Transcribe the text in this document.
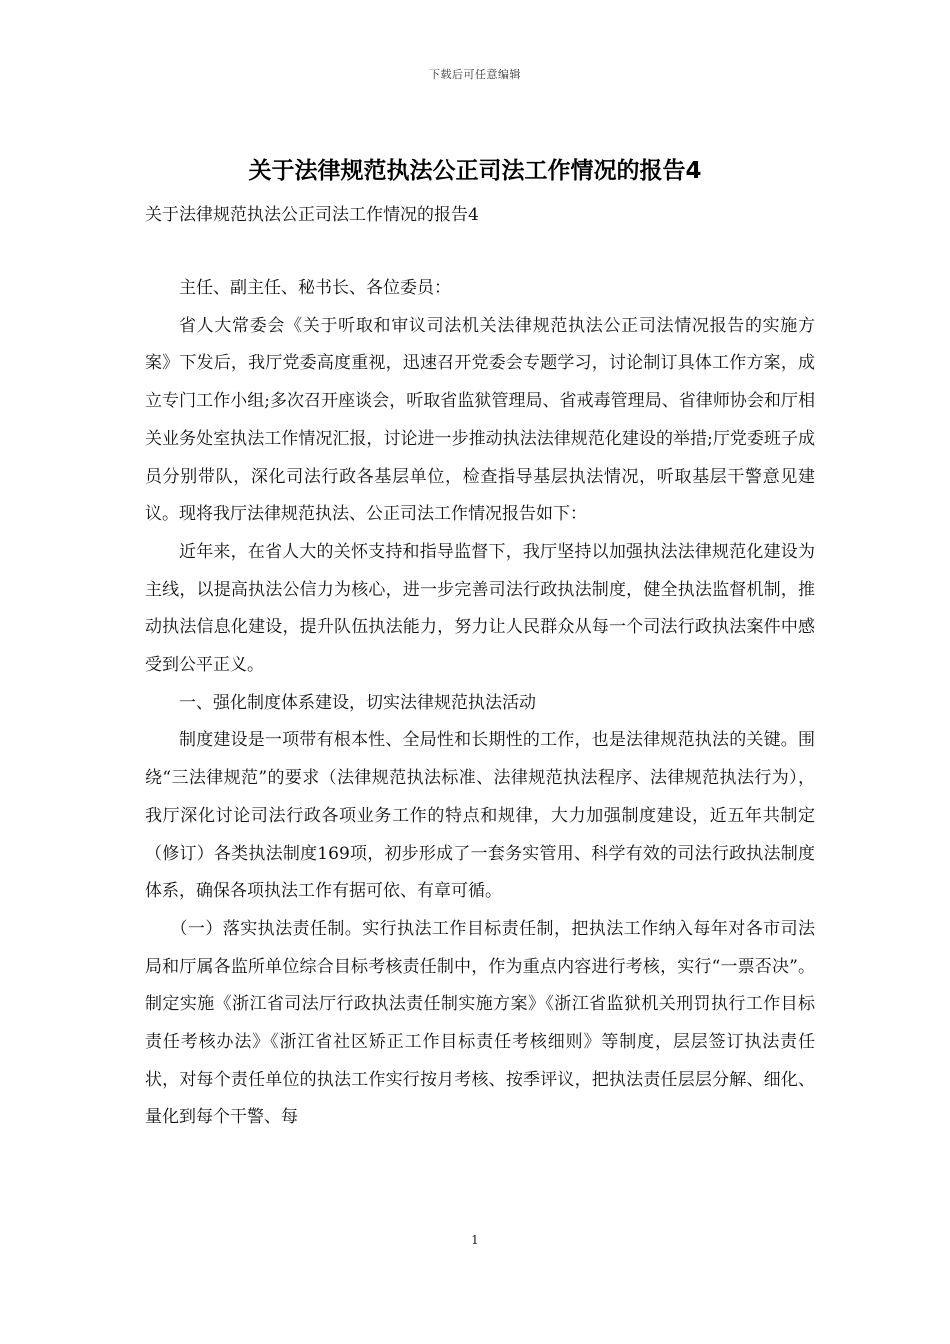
下载后可任意编辑
关于法律规范执法公正司法工作情况的报告4

关于法律规范执法公正司法工作情况的报告4

主任、副主任、秘书长、各位委员：

省人大常委会《关于听取和审议司法机关法律规范执法公正司法情况报告的实施方案》下发后，我厅党委高度重视，迅速召开党委会专题学习，讨论制订具体工作方案，成立专门工作小组;多次召开座谈会，听取省监狱管理局、省戒毒管理局、省律师协会和厅相关业务处室执法工作情况汇报，讨论进一步推动执法法律规范化建设的举措;厅党委班子成员分别带队，深化司法行政各基层单位，检查指导基层执法情况，听取基层干警意见建议。现将我厅法律规范执法、公正司法工作情况报告如下：

近年来，在省人大的关怀支持和指导监督下，我厅坚持以加强执法法律规范化建设为主线，以提高执法公信力为核心，进一步完善司法行政执法制度，健全执法监督机制，推动执法信息化建设，提升队伍执法能力，努力让人民群众从每一个司法行政执法案件中感受到公平正义。

一、强化制度体系建设，切实法律规范执法活动

制度建设是一项带有根本性、全局性和长期性的工作，也是法律规范执法的关键。围绕“三法律规范”的要求（法律规范执法标准、法律规范执法程序、法律规范执法行为），我厅深化讨论司法行政各项业务工作的特点和规律，大力加强制度建设，近五年共制定（修订）各类执法制度169项，初步形成了一套务实管用、科学有效的司法行政执法制度体系，确保各项执法工作有据可依、有章可循。

（一）落实执法责任制。实行执法工作目标责任制，把执法工作纳入每年对各市司法局和厅属各监所单位综合目标考核责任制中，作为重点内容进行考核，实行“一票否决”。制定实施《浙江省司法厅行政执法责任制实施方案》《浙江省监狱机关刑罚执行工作目标责任考核办法》《浙江省社区矫正工作目标责任考核细则》等制度，层层签订执法责任状，对每个责任单位的执法工作实行按月考核、按季评议，把执法责任层层分解、细化、量化到每个干警、每

1
